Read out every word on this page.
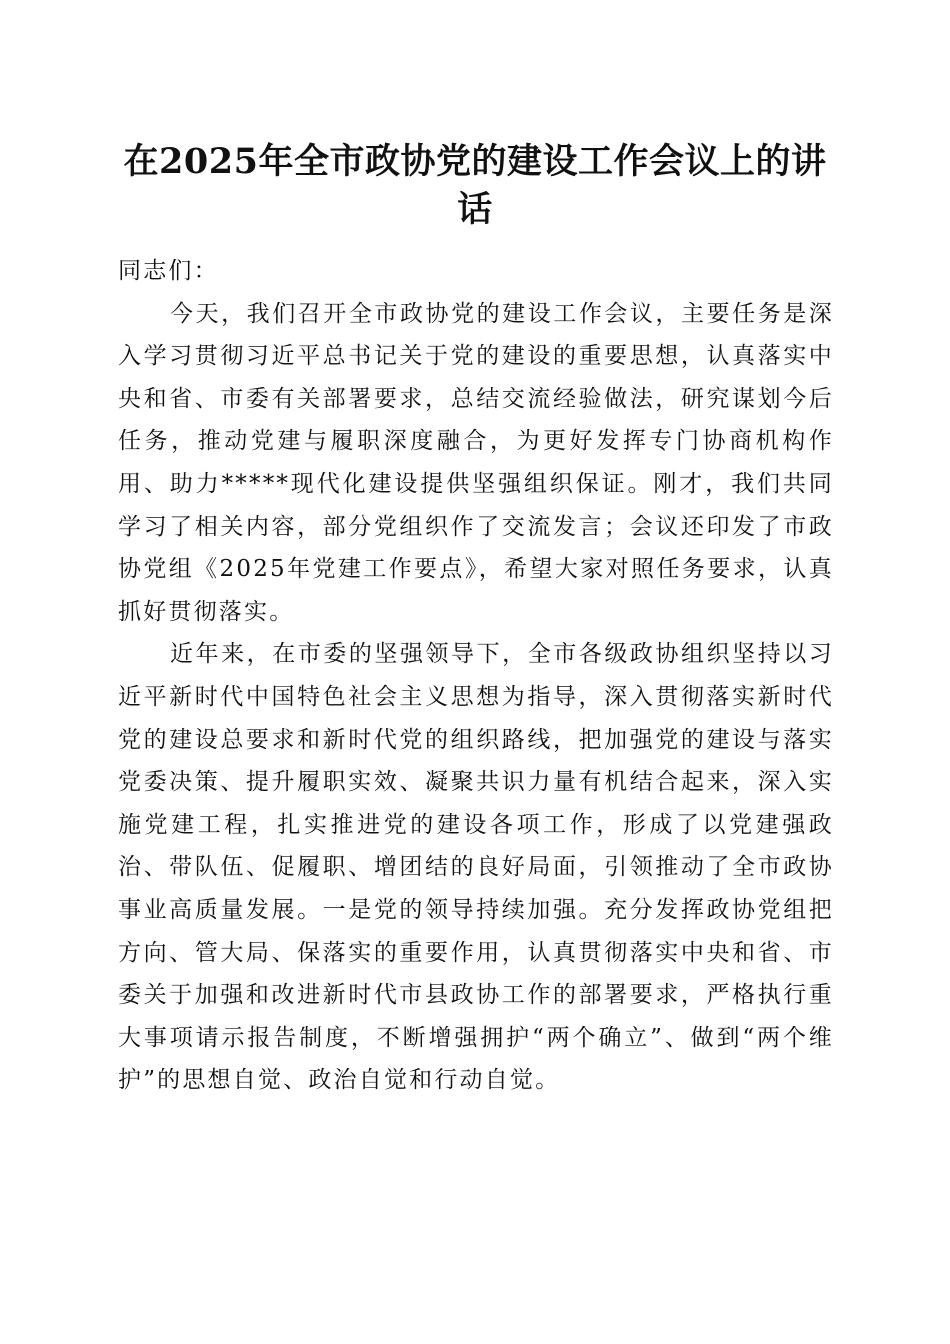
在2025年全市政协党的建设工作会议上的讲话

同志们：

今天，我们召开全市政协党的建设工作会议，主要任务是深入学习贯彻习近平总书记关于党的建设的重要思想，认真落实中央和省、市委有关部署要求，总结交流经验做法，研究谋划今后任务，推动党建与履职深度融合，为更好发挥专门协商机构作用、助力*****现代化建设提供坚强组织保证。刚才，我们共同学习了相关内容，部分党组织作了交流发言；会议还印发了市政协党组《2025年党建工作要点》，希望大家对照任务要求，认真抓好贯彻落实。

近年来，在市委的坚强领导下，全市各级政协组织坚持以习近平新时代中国特色社会主义思想为指导，深入贯彻落实新时代党的建设总要求和新时代党的组织路线，把加强党的建设与落实党委决策、提升履职实效、凝聚共识力量有机结合起来，深入实施党建工程，扎实推进党的建设各项工作，形成了以党建强政治、带队伍、促履职、增团结的良好局面，引领推动了全市政协事业高质量发展。一是党的领导持续加强。充分发挥政协党组把方向、管大局、保落实的重要作用，认真贯彻落实中央和省、市委关于加强和改进新时代市县政协工作的部署要求，严格执行重大事项请示报告制度，不断增强拥护“两个确立”、做到“两个维护”的思想自觉、政治自觉和行动自觉。
